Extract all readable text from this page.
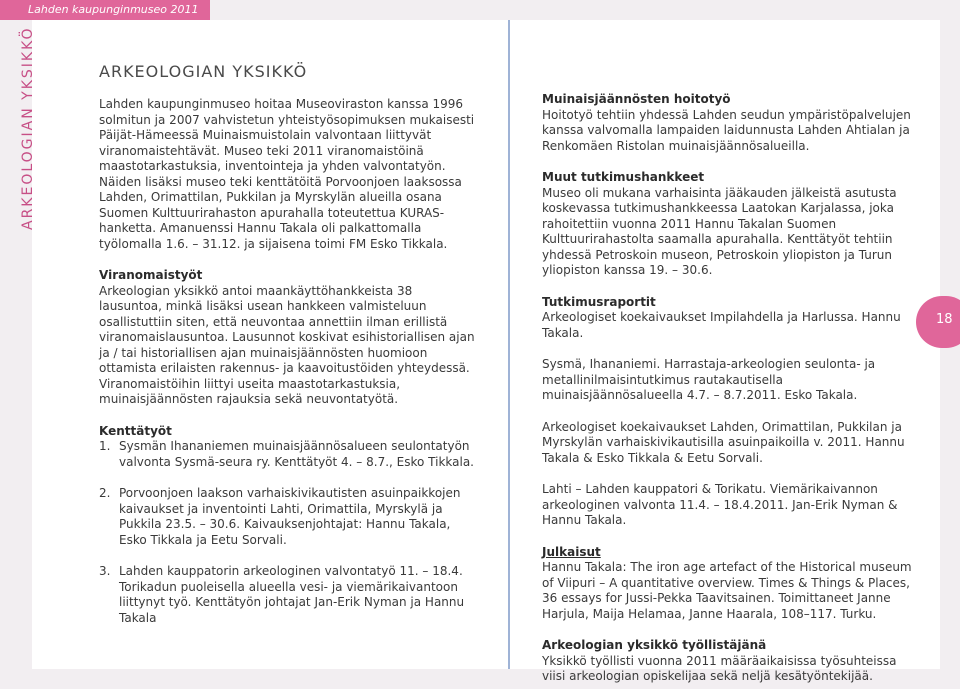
Lahden kaupunginmuseo 2011
ARKEOLOGIAN YKSIKKÖ	ARKEOLOGIAN YKSIKKÖ

Lahden kaupunginmuseo hoitaa Museoviraston kanssa 1996 solmitun ja 2007 vahvistetun yhteistyösopimuksen mukaisesti Päijät-Hämeessä Muinaismuistolain valvontaan liittyvät viranomaistehtävät. Museo teki 2011 viranomaistöinä maastotarkastuksia, inventointeja ja yhden valvontatyön. Näiden lisäksi museo teki kenttätöitä Porvoonjoen laaksossa Lahden, Orimattilan, Pukkilan ja Myrskylän alueilla osana Suomen Kulttuurirahaston apurahalla toteutettua KURAS-hanketta. Amanuenssi Hannu Takala oli palkattomalla työlomalla 1.6. – 31.12. ja sijaisena toimi FM Esko Tikkala.

Viranomaistyöt

Arkeologian yksikkö antoi maankäyttöhankkeista 38 lausuntoa, minkä lisäksi usean hankkeen valmisteluun osallistuttiin siten, että neuvontaa annettiin ilman erillistä viranomaislausuntoa. Lausunnot koskivat esihistoriallisen ajan ja / tai historiallisen ajan muinaisjäännösten huomioon ottamista erilaisten rakennus- ja kaavoitustöiden yhteydessä. Viranomaistöihin liittyi useita maastotarkastuksia, muinaisjäännösten rajauksia sekä neuvontatyötä.

Kenttätyöt
1. Sysmän Ihananiemen muinaisjäännösalueen seulontatyön valvonta Sysmä-seura ry. Kenttätyöt 4. – 8.7., Esko Tikkala.
2. Porvoonjoen laakson varhaiskivikautisten asuinpaikkojen kaivaukset ja inventointi Lahti, Orimattila, Myrskylä ja Pukkila 23.5. – 30.6. Kaivauksenjohtajat: Hannu Takala, Esko Tikkala ja Eetu Sorvali.
3. Lahden kauppatorin arkeologinen valvontatyö 11. – 18.4. Torikadun puoleisella alueella vesi- ja viemärikaivantoon liittynyt työ. Kenttätyön johtajat Jan-Erik Nyman ja Hannu Takala
Muinaisjäännösten hoitotyö

Hoitotyö tehtiin yhdessä Lahden seudun ympäristöpalvelujen kanssa valvomalla lampaiden laidunnusta Lahden Ahtialan ja Renkomäen Ristolan muinaisjäännösalueilla.

Muut tutkimushankkeet

Museo oli mukana varhaisinta jääkauden jälkeistä asutusta koskevassa tutkimushankkeessa Laatokan Karjalassa, joka rahoitettiin vuonna 2011 Hannu Takalan Suomen Kulttuurirahastolta saamalla apurahalla. Kenttätyöt tehtiin yhdessä Petroskoin museon, Petroskoin yliopiston ja Turun yliopiston kanssa 19. – 30.6.

Tutkimusraportit

Arkeologiset koekaivaukset Impilahdella ja Harlussa. Hannu Takala.

Sysmä, Ihananiemi. Harrastaja-arkeologien seulonta- ja metallinilmaisintutkimus rautakautisella muinaisjäännösalueella 4.7. – 8.7.2011. Esko Takala.

Arkeologiset koekaivaukset Lahden, Orimattilan, Pukkilan ja Myrskylän varhaiskivikautisilla asuinpaikoilla v. 2011. Hannu Takala & Esko Tikkala & Eetu Sorvali.

Lahti – Lahden kauppatori & Torikatu. Viemärikaivannon arkeologinen valvonta 11.4. – 18.4.2011. Jan-Erik Nyman & Hannu Takala.

Julkaisut

Hannu Takala: The iron age artefact of the Historical museum of Viipuri – A quantitative overview. Times & Things & Places, 36 essays for Jussi-Pekka Taavitsainen. Toimittaneet Janne Harjula, Maija Helamaa, Janne Haarala, 108–117. Turku.

Arkeologian yksikkö työllistäjänä

Yksikkö työllisti vuonna 2011 määräaikaisissa työsuhteissa viisi arkeologian opiskelijaa sekä neljä kesätyöntekijää.

18
